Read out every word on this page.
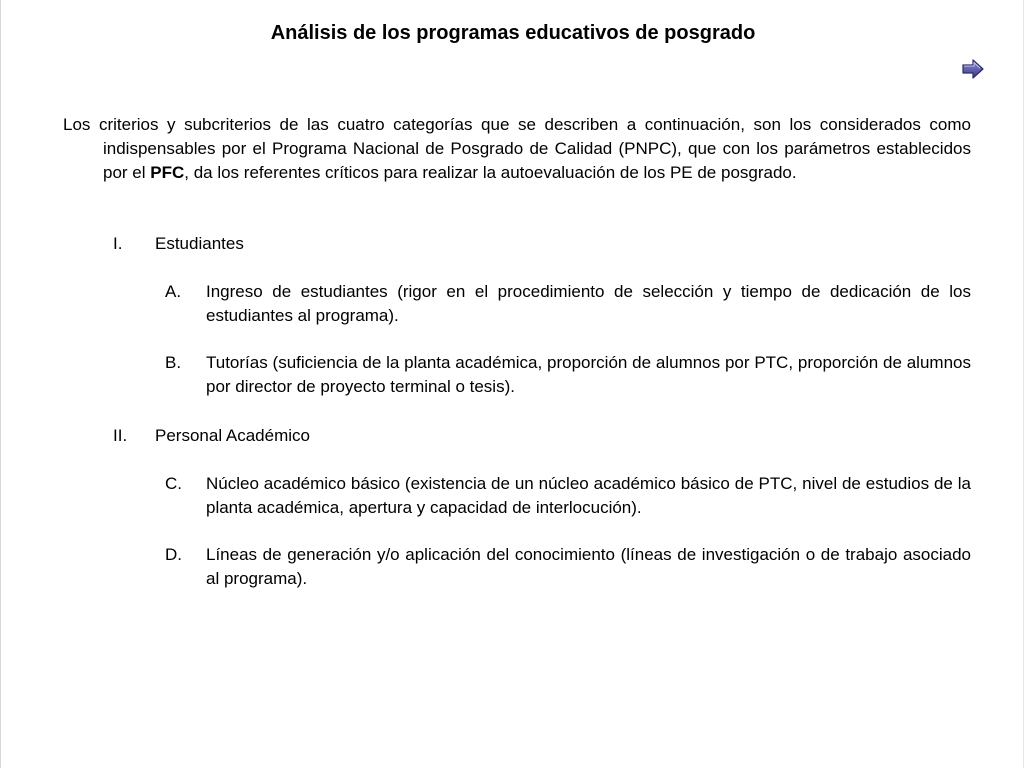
Análisis de los programas educativos de posgrado
Los criterios y subcriterios de las cuatro categorías que se describen a continuación, son los considerados como indispensables por el Programa Nacional de Posgrado de Calidad (PNPC), que con los parámetros establecidos por el PFC, da los referentes críticos para realizar la autoevaluación de los PE de posgrado.
I.	Estudiantes
A. Ingreso de estudiantes (rigor en el procedimiento de selección y tiempo de dedicación de los estudiantes al programa).
B. Tutorías (suficiencia de la planta académica, proporción de alumnos por PTC, proporción de alumnos por director de proyecto terminal o tesis).
II.	Personal Académico
C. Núcleo académico básico (existencia de un núcleo académico básico de PTC, nivel de estudios de la planta académica, apertura y capacidad de interlocución).
D. Líneas de generación y/o aplicación del conocimiento (líneas de investigación o de trabajo asociado al programa).
